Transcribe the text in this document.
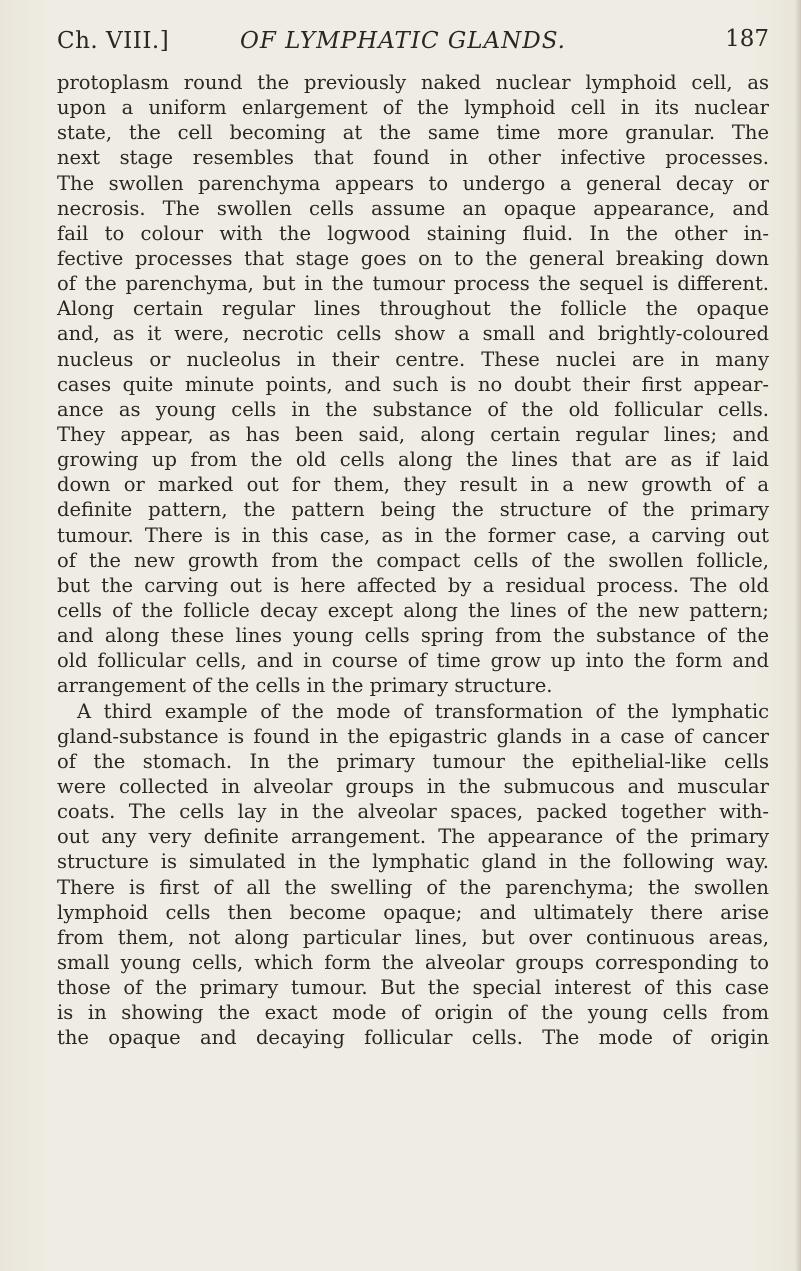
Ch. VIII.]	OF LYMPHATIC GLANDS.	187
protoplasm round the previously naked nuclear lymphoid cell, as
upon a uniform enlargement of the lymphoid cell in its nuclear
state, the cell becoming at the same time more granular. The
next stage resembles that found in other infective processes.
The swollen parenchyma appears to undergo a general decay or
necrosis. The swollen cells assume an opaque appearance, and
fail to colour with the logwood staining fluid. In the other in-
fective processes that stage goes on to the general breaking down
of the parenchyma, but in the tumour process the sequel is different.
Along certain regular lines throughout the follicle the opaque
and, as it were, necrotic cells show a small and brightly-coloured
nucleus or nucleolus in their centre. These nuclei are in many
cases quite minute points, and such is no doubt their first appear-
ance as young cells in the substance of the old follicular cells.
They appear, as has been said, along certain regular lines; and
growing up from the old cells along the lines that are as if laid
down or marked out for them, they result in a new growth of a
definite pattern, the pattern being the structure of the primary
tumour. There is in this case, as in the former case, a carving out
of the new growth from the compact cells of the swollen follicle,
but the carving out is here affected by a residual process. The old
cells of the follicle decay except along the lines of the new pattern;
and along these lines young cells spring from the substance of the
old follicular cells, and in course of time grow up into the form and
arrangement of the cells in the primary structure.
A third example of the mode of transformation of the lymphatic
gland-substance is found in the epigastric glands in a case of cancer
of the stomach. In the primary tumour the epithelial-like cells
were collected in alveolar groups in the submucous and muscular
coats. The cells lay in the alveolar spaces, packed together with-
out any very definite arrangement. The appearance of the primary
structure is simulated in the lymphatic gland in the following way.
There is first of all the swelling of the parenchyma; the swollen
lymphoid cells then become opaque; and ultimately there arise
from them, not along particular lines, but over continuous areas,
small young cells, which form the alveolar groups corresponding to
those of the primary tumour. But the special interest of this case
is in showing the exact mode of origin of the young cells from
the opaque and decaying follicular cells. The mode of origin
